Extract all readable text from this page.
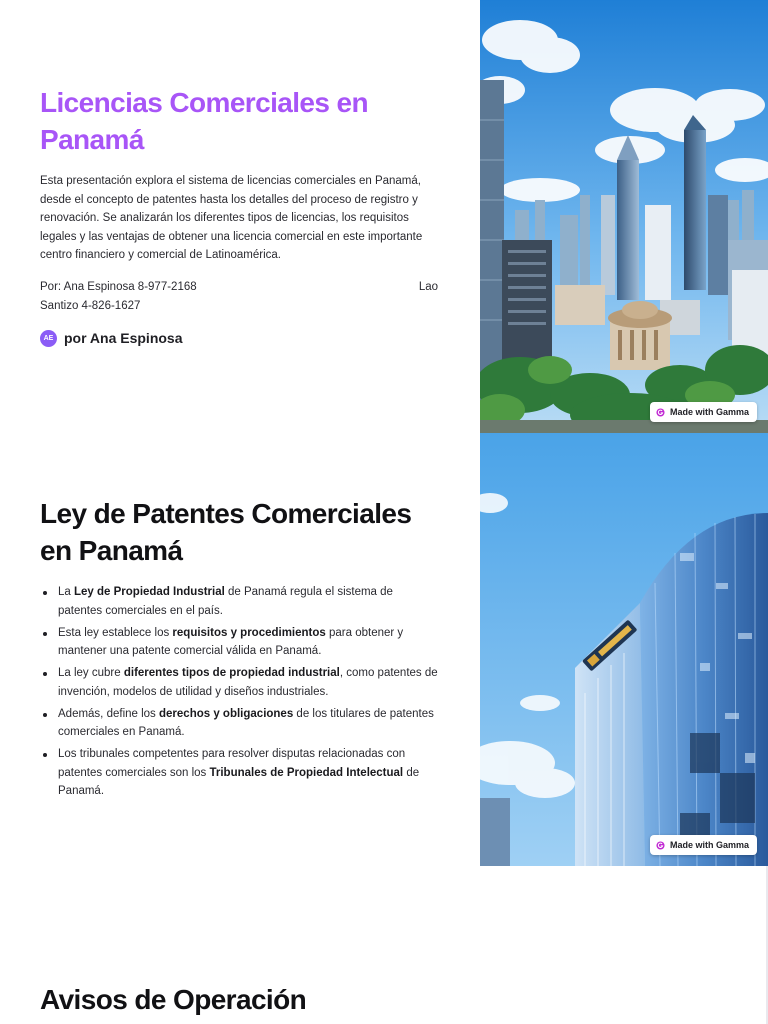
Licencias Comerciales en Panamá

Esta presentación explora el sistema de licencias comerciales en Panamá, desde el concepto de patentes hasta los detalles del proceso de registro y renovación. Se analizarán los diferentes tipos de licencias, los requisitos legales y las ventajas de obtener una licencia comercial en este importante centro financiero y comercial de Latinoamérica.

Por: Ana Espinosa 8-977-2168	Lao
Santizo 4-826-1627
AE por Ana Espinosa
Made with Gamma
Ley de Patentes Comerciales en Panamá
La Ley de Propiedad Industrial de Panamá regula el sistema de patentes comerciales en el país.
Esta ley establece los requisitos y procedimientos para obtener y mantener una patente comercial válida en Panamá.
La ley cubre diferentes tipos de propiedad industrial, como patentes de invención, modelos de utilidad y diseños industriales.
Además, define los derechos y obligaciones de los titulares de patentes comerciales en Panamá.
Los tribunales competentes para resolver disputas relacionadas con patentes comerciales son los Tribunales de Propiedad Intelectual de Panamá.
Made with Gamma
Avisos de Operación
